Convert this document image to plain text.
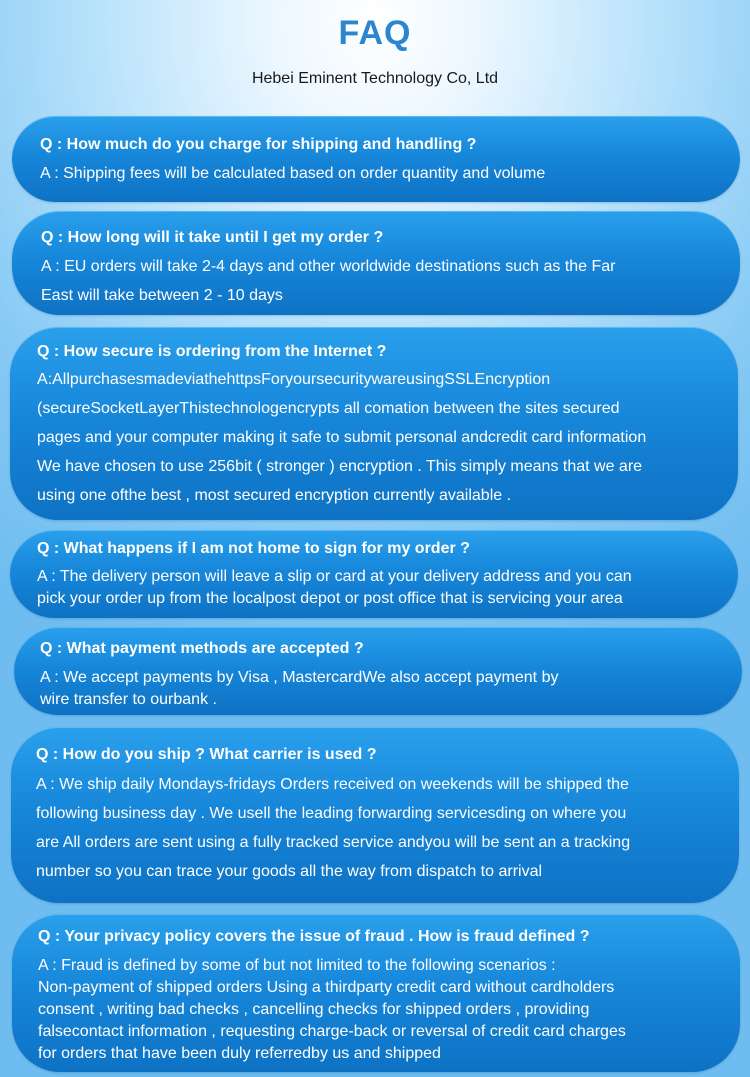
FAQ
Hebei Eminent Technology Co, Ltd
Q : How much do you charge for shipping and handling ?
A : Shipping fees will be calculated based on order quantity and volume
Q : How long will it take until I get my order ?
A : EU orders will take 2-4 days and other worldwide destinations such as the Far
East will take between 2 - 10 days
Q : How secure is ordering from the Internet ?
A:AllpurchasesmadeviathehttpsForyoursecuritywareusingSSLEncryption
(secureSocketLayerThistechnologencrypts all comation between the sites secured
pages and your computer making it safe to submit personal andcredit card information
We have chosen to use 256bit ( stronger ) encryption . This simply means that we are
using one ofthe best , most secured encryption currently available .
Q : What happens if I am not home to sign for my order ?
A : The delivery person will leave a slip or card at your delivery address and you can
pick your order up from the localpost depot or post office that is servicing your area
Q : What payment methods are accepted ?
A : We accept payments by Visa , MastercardWe also accept payment by
wire transfer to ourbank .
Q : How do you ship ? What carrier is used ?
A : We ship daily Mondays-fridays Orders received on weekends will be shipped the
following business day . We usell the leading forwarding servicesding on where you
are All orders are sent using a fully tracked service andyou will be sent an a tracking
number so you can trace your goods all the way from dispatch to arrival
Q : Your privacy policy covers the issue of fraud . How is fraud defined ?
A : Fraud is defined by some of but not limited to the following scenarios :
Non-payment of shipped orders Using a thirdparty credit card without cardholders
consent , writing bad checks , cancelling checks for shipped orders , providing
falsecontact information , requesting charge-back or reversal of credit card charges
for orders that have been duly referredby us and shipped
